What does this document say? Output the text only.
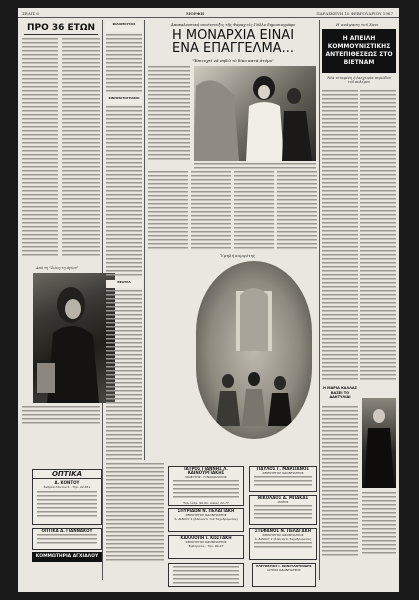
ΣΕΛΙΣ 6	ΜΟΡΦΗ	ΠΑΡΑΣΚΕΥΗ 10 ΦΕΒΡΟΥΑΡΙΟΥ 1967
ΠΡΟ 36 ΕΤΩΝ
Από τη "Ζώνη τη άγίου"
ΟΠΤΙΚΑ
Α. ΚΟΝΤΟΥ
Ἀνδρέα Λόντου 5 - Τηλ. 22.451
ΟΠΤΙΚΑ Α. ΓΙΑΝΝΑΚΟΥ
ΚΟΜΜΩΤΗΡΙΑ ΑΓΧΙΑΛΟΥ
ΦΙΛΟΜΟΥΣΟΣ
ΚΙΝΗΜΑΤΟΓΡΑΦΟΙ
ΘΕΑΤΡΑ
Ἀποκαλυπτική συνέντευξις τῆς Φαραχ εἰς Γάλλο δημοσιογράφο
Η ΜΟΝΑΡΧΙΑ ΕΙΝΑΙ
ΕΝΑ ΕΠΑΓΓΕΛΜΑ...
"Ἐπιτυχεῖ νὰ πηδῶ τὸ δίκο κατὰ ἀτόμο"
Ὑψηλή κομψότης
ΙΑΤΡΟΣ ΓΙΑΝΝΗΣ Λ. ΚΑΙΝΟΥΡΓΙΑΚΗΣ
ΜΑΙΕΥΤΗΡ - ΓΥΝΑΙΚΟΛΟΓΟΣ
Τηλ. ἰατρ. 90-01, οἰκίας 22-77
ΣΠΥΡΙΔΩΝ Ν. ΠΕΛΑΓΙΑΚΗ
ΧΕΙΡΟΥΡΓΟΣ ΟΔΟΝΤΙΑΤΡΟΣ
Ἀ. ΔΙΑΚΟΥ 2 (Ἀπέναντι τοῦ Ταχυδρομείου)
ΚΑΛΛΙΟΠΗ Ι. ΚΩΣΤΑΚΗ
ΧΕΙΡΟΥΡΓΟΣ ΟΔΟΝΤΙΑΤΡΟΣ
Ἐμπορικόν - Τηλ. 90-27
ΠΑΥΛΟΣ Γ. ΜΑΡΣΙΑΝΟΣ
ΧΕΙΡΟΥΡΓΟΣ ΟΔΟΝΤΙΑΤΡΟΣ
ΝΙΚΟΛΑΟΣ Α. ΜΠΑΚΑΣ
ΙΑΤΡΟΣ
ΣΤΕΦΑΝΟΣ Ν. ΠΕΛΑΓΑΚΗ
ΧΕΙΡΟΥΡΓΟΣ ΟΔΟΝΤΙΑΤΡΟΣ
Ἀ. ΔΙΑΚΟΥ 2 (Ἀπέναντι Ταχυδρομείου)
Η ανάψαση τού Χανι
Η ΑΠΕΙΛΗ ΚΟΜΜΟΥΝΙΣΤΙΚΗΣ ΑΝΤΕΠΙΘΕΣΕΩΣ ΣΤΟ ΒΙΕΤΝΑΜ
Νέα τεταμένη ἡ ἐκεχειρία περιόδου τοῦ πολέμου
Η ΜΑΡΙΑ ΚΑΛΛΑΣ ΒΑΖΕΙ ΤΟ ΔΑΚΤΥΛΙΔΙ
ΕΛΕΥΘΕΡΙΟΣ Ι. ΚΩΝΣΤΑΝΤΙΝΙΔΗΣ
ΙΑΤΡΟΣ ΟΔΟΝΤΙΑΤΡΟΣ
